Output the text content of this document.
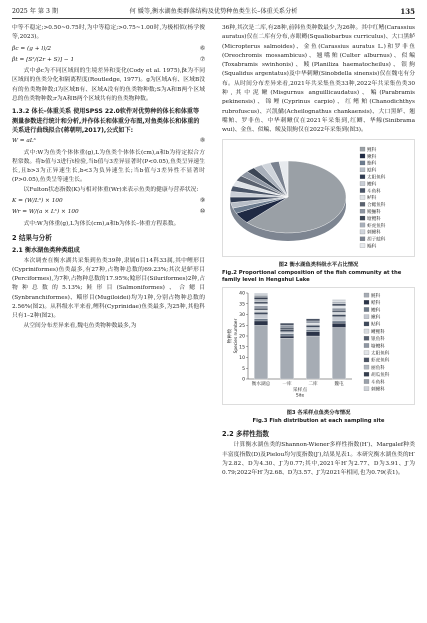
2025 年 第 3 期	何 媛等,衡水湖鱼类群落结构及优势种鱼类生长–体重关系分析	135

中等不稳定;>0.50~0.75时,为中等稳定;>0.75~1.00时,为极相似(杨学俊等,2023)。

βc = (g + l)/2	⑥
βt = [S²/(2r + S)] − 1	⑦

式中:βc为不同区域间的生境差异和变化(Cody et al. 1975),βt为不同区域间的鱼类分化和隔离程度(Routledge, 1977)。g为区域A有、区域B没有的鱼类物种数;l为区域B有、区域A没有的鱼类物种数;S为A和B两个区域总的鱼类物种数;r为A和B两个区域共有的鱼类物种数。

1.3.2 体长–体重关系 使用SPSS 22.0软件对优势种的体长和体重等测量参数进行统计和分析,并作体长和体重分布图,对鱼类体长和体重的关系进行曲线拟合(蒋朝明,2017),公式如下:
W = aLᵇ	⑧

式中:W为鱼类个体体重(g),L为鱼类个体体长(cm),a和b为待定拟合方程常数。将b值与3进行t检验,当b值与3差异显著时(P<0.05),鱼类呈异速生长,且b>3为正异速生长,b<3为负异速生长;当b值与3差异性不显著时(P>0.05),鱼类呈等速生长。

以Fulton状态指数(K)与相对体重(Wr)来表示鱼类的健康与营养状况:

K = (W/L³) × 100	⑨
Wr = W/(a × Lᵇ) × 100	⑩

式中:W为体重(g),L为体长(cm),a和b为体长–体重方程系数。

2 结果与分析
2.1 衡水湖鱼类种类组成

本次调查在衡水湖共采集到鱼类39种,隶属6目14科33属,其中鲤形目(Cypriniformes)鱼类最多,有27种,占物种总数的69.23%;其次是鲈形目(Perciformes),为7种,占物种总数的17.95%;鲶形目(Siluriformes)2种,占物种总数的5.13%;鲑形目(Salmoniformes)、合鳃目(Synbranchiformes)、鲻形目(Mugiloidei)均为1种,分别占物种总数的2.56%(图2)。从科级水平来看,鲤科(Cyprinidae)鱼类最多,为25种,其他科只有1–2种(图2)。

从空间分布差异来看,魏屯鱼类物种数最多,为

36种,其次是二库,有28种,前韩鱼类种数最少,为26种。其中红鳍(Carassius auratus)仅在二库有分布,赤眼鳟(Squaliobarbus curriculus)、大口黑鲈(Micropterus salmoides)、金鱼(Carassius auratus L.)和罗非鱼(Oreochromis mossambicus)、翘嘴鲌(Culter alburnus)、似鳊(Toxabramis swinhonis)、鲮(Planiliza haematocheilus)、银鮈(Squalidus argentatus)及中华刺鳅(Sinobdella sinensis)仅在魏屯有分布。从时间分布差异来看,2021年共采集鱼类33种,2022年共采集鱼类30种,其中泥鳅(Misgurnus anguillicaudatus)、鳊(Parabramis pekinensis)、锦鲤(Cyprinus carpio)、红鳍鲌(Chanodichthys rubrofuscus)、兴凯鱊(Acheilognathus chankaensis)、大口黑鲈、翘嘴鲌、罗非鱼、中华刺鳅仅在2021年采集到,红鲫、华鳈(Sinibrama wui)、金鱼、似鳊、鲮及银鮈仅在2022年采集到(图3)。

鲤科
鳅科
鮨科
鲶科
太阳鱼科
鳢科
斗鱼科
鲈科
合鳃鱼科
鳗鲡科
塘鳢科
虾虎鱼科
刺鳅科
胡子鲶科
鲻科

图2 衡水湖鱼类科级水平占比情况

Fig.2 Proportional composition of the fish community at the family level in Hengshui Lake

0
5
10
15
20
25
30
35
40
物种数 Species number
衡水湖总	一库	二库	魏屯
采样点
Site
鲢科
鲿科
鳢科
鳅科
鲇科
鳉鲤科
银鱼科
塘鳢科
太阳鱼科
虾虎鱼科
丽鱼科
胡瓜鱼科
斗鱼科
刺鳅科

图3 各采样点鱼类分布情况

Fig.3 Fish distribution at each sampling site

2.2 多样性指数

计算衡水湖鱼类的Shannon-Wiener多样性指数(H′)、Margalef种类丰富度指数(D)及Pielou均匀度指数(J′),结果见表1。本研究衡水湖鱼类的H′为2.82、D为4.30、J′为0.77;其中,2021年H′为2.77、D为3.91、J′为0.79;2022年H′为2.68、D为3.57、J′为2021年相同,也为0.79(表1)。
